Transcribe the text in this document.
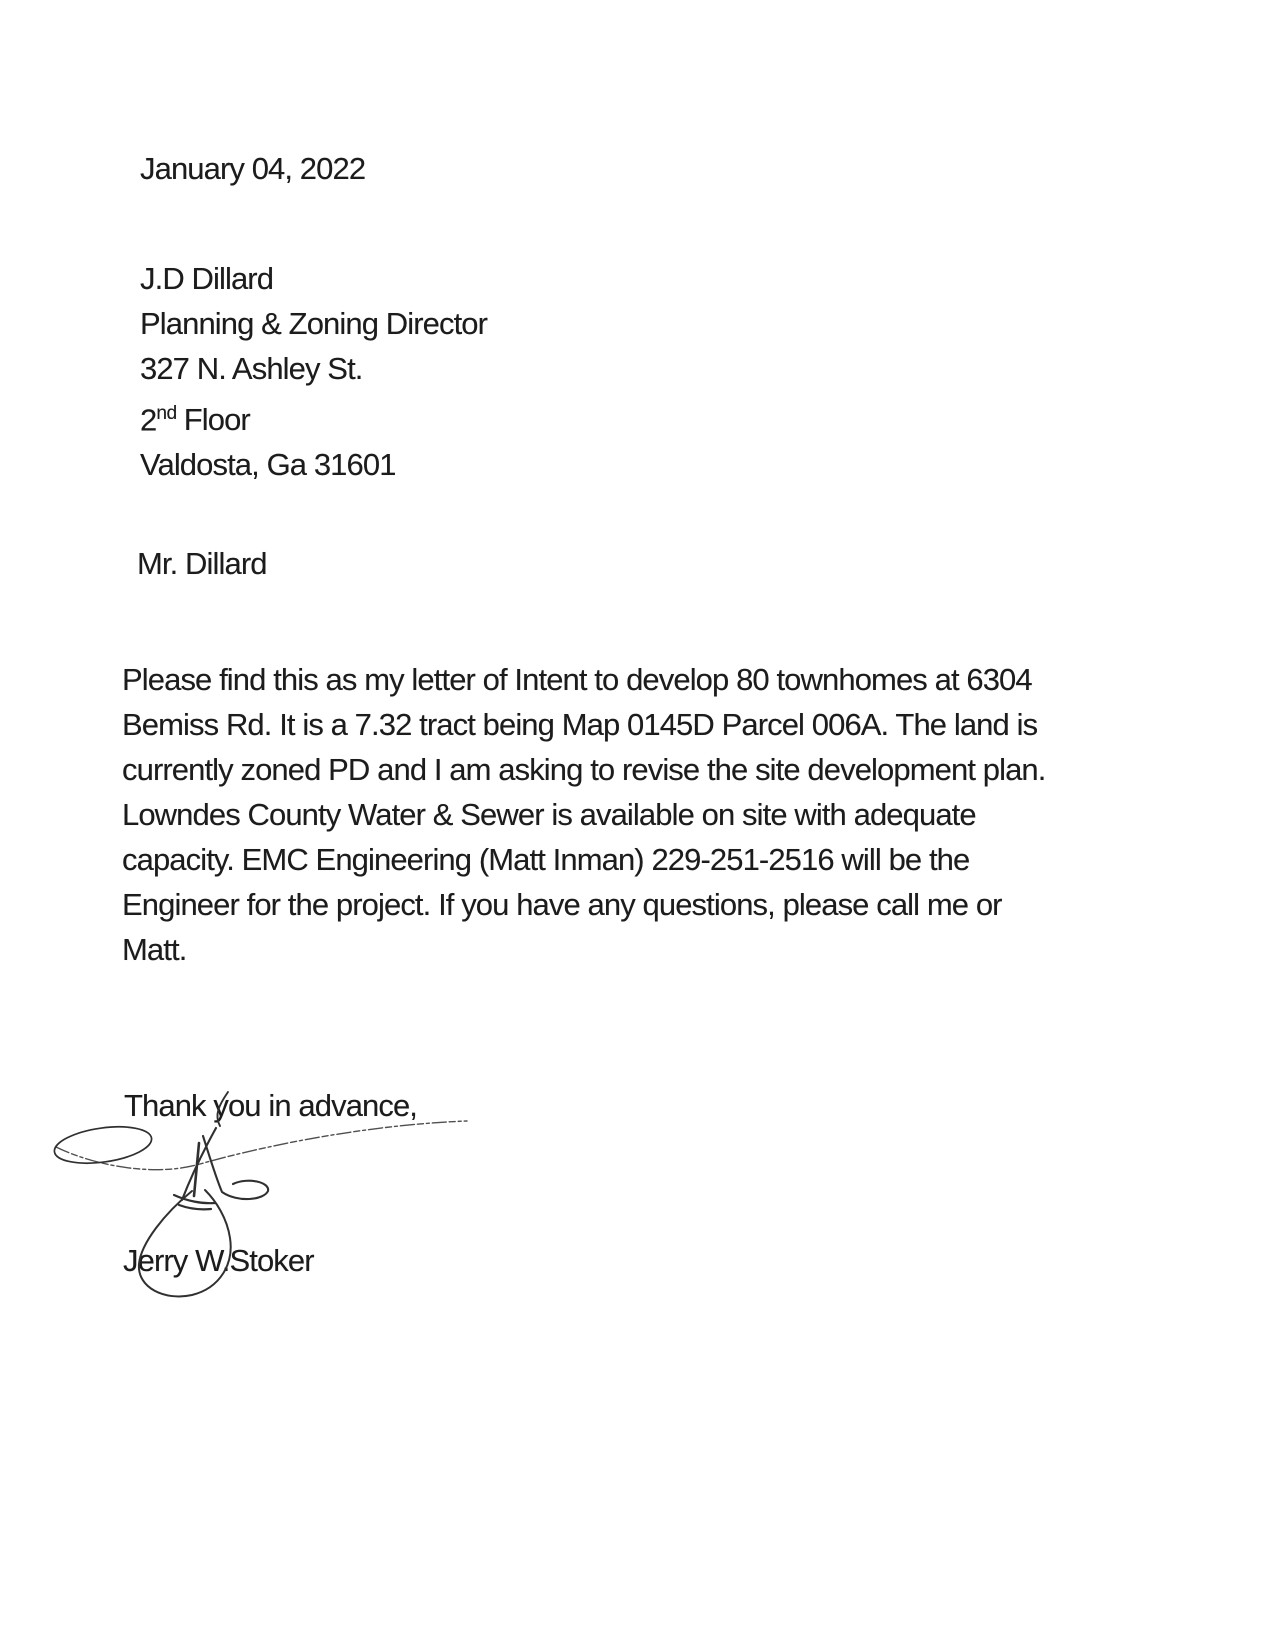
January 04, 2022
J.D Dillard
Planning & Zoning Director
327 N. Ashley St.
2nd Floor
Valdosta, Ga 31601
Mr. Dillard
Please find this as my letter of Intent to develop 80 townhomes at 6304
Bemiss Rd. It is a 7.32 tract being Map 0145D Parcel 006A. The land is
currently zoned PD and I am asking to revise the site development plan.
Lowndes County Water & Sewer is available on site with adequate
capacity. EMC Engineering (Matt Inman) 229-251-2516 will be the
Engineer for the project. If you have any questions, please call me or
Matt.
Thank you in advance,
Jerry W.Stoker
